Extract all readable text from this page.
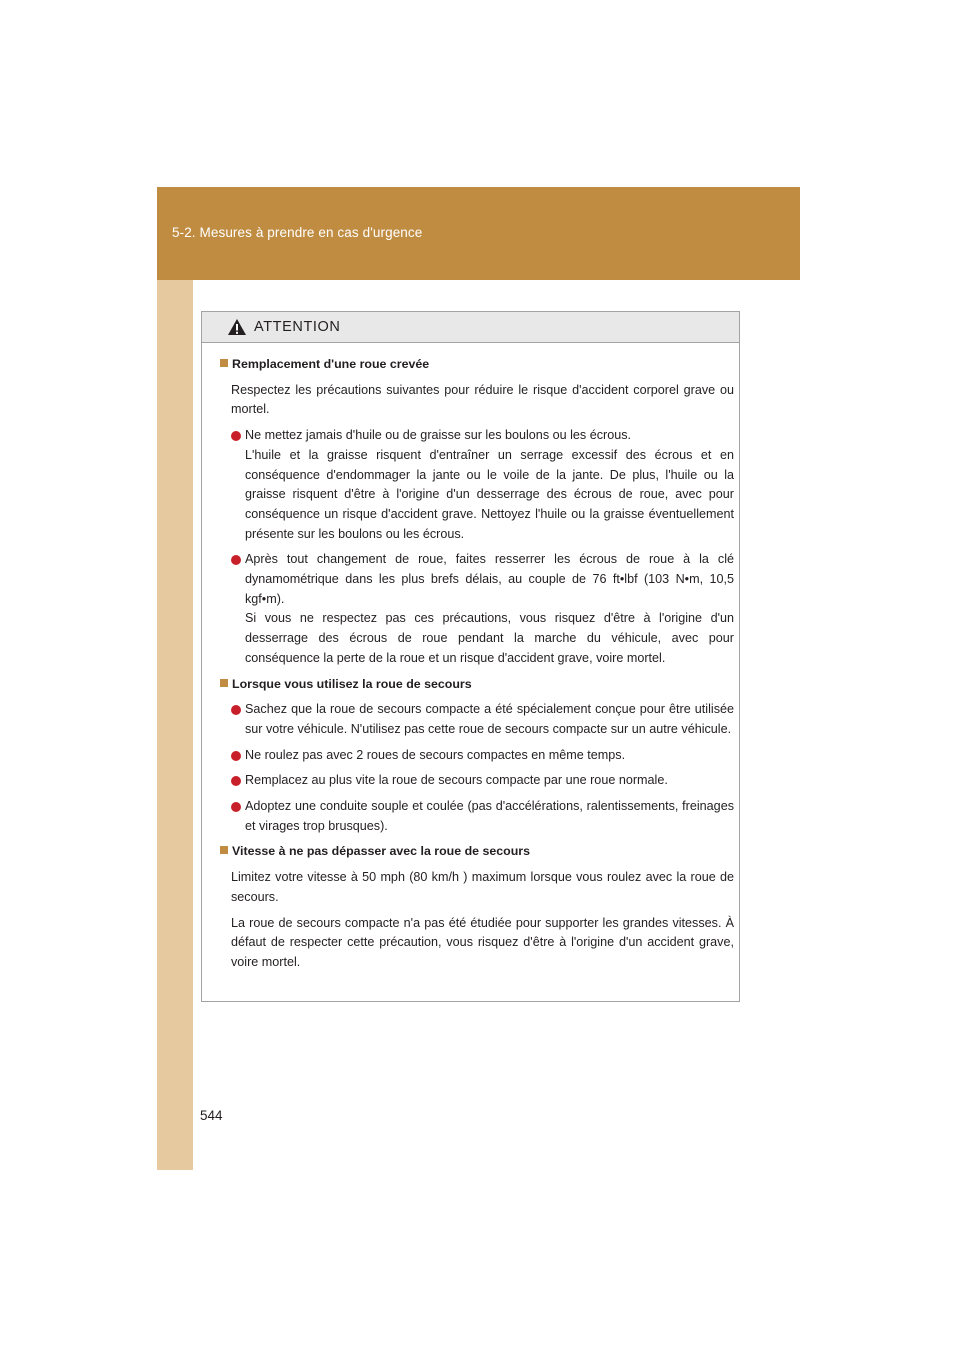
5-2. Mesures à prendre en cas d'urgence
ATTENTION
Remplacement d'une roue crevée

Respectez les précautions suivantes pour réduire le risque d'accident corporel grave ou mortel.

Ne mettez jamais d'huile ou de graisse sur les boulons ou les écrous.

L'huile et la graisse risquent d'entraîner un serrage excessif des écrous et en conséquence d'endommager la jante ou le voile de la jante. De plus, l'huile ou la graisse risquent d'être à l'origine d'un desserrage des écrous de roue, avec pour conséquence un risque d'accident grave. Nettoyez l'huile ou la graisse éventuellement présente sur les boulons ou les écrous.

Après tout changement de roue, faites resserrer les écrous de roue à la clé dynamométrique dans les plus brefs délais, au couple de 76 ft•lbf (103 N•m, 10,5 kgf•m).

Si vous ne respectez pas ces précautions, vous risquez d'être à l'origine d'un desserrage des écrous de roue pendant la marche du véhicule, avec pour conséquence la perte de la roue et un risque d'accident grave, voire mortel.

Lorsque vous utilisez la roue de secours

Sachez que la roue de secours compacte a été spécialement conçue pour être utilisée sur votre véhicule. N'utilisez pas cette roue de secours compacte sur un autre véhicule.

Ne roulez pas avec 2 roues de secours compactes en même temps.

Remplacez au plus vite la roue de secours compacte par une roue normale.

Adoptez une conduite souple et coulée (pas d'accélérations, ralentissements, freinages et virages trop brusques).

Vitesse à ne pas dépasser avec la roue de secours

Limitez votre vitesse à 50 mph (80 km/h ) maximum lorsque vous roulez avec la roue de secours.

La roue de secours compacte n'a pas été étudiée pour supporter les grandes vitesses. À défaut de respecter cette précaution, vous risquez d'être à l'origine d'un accident grave, voire mortel.

544
